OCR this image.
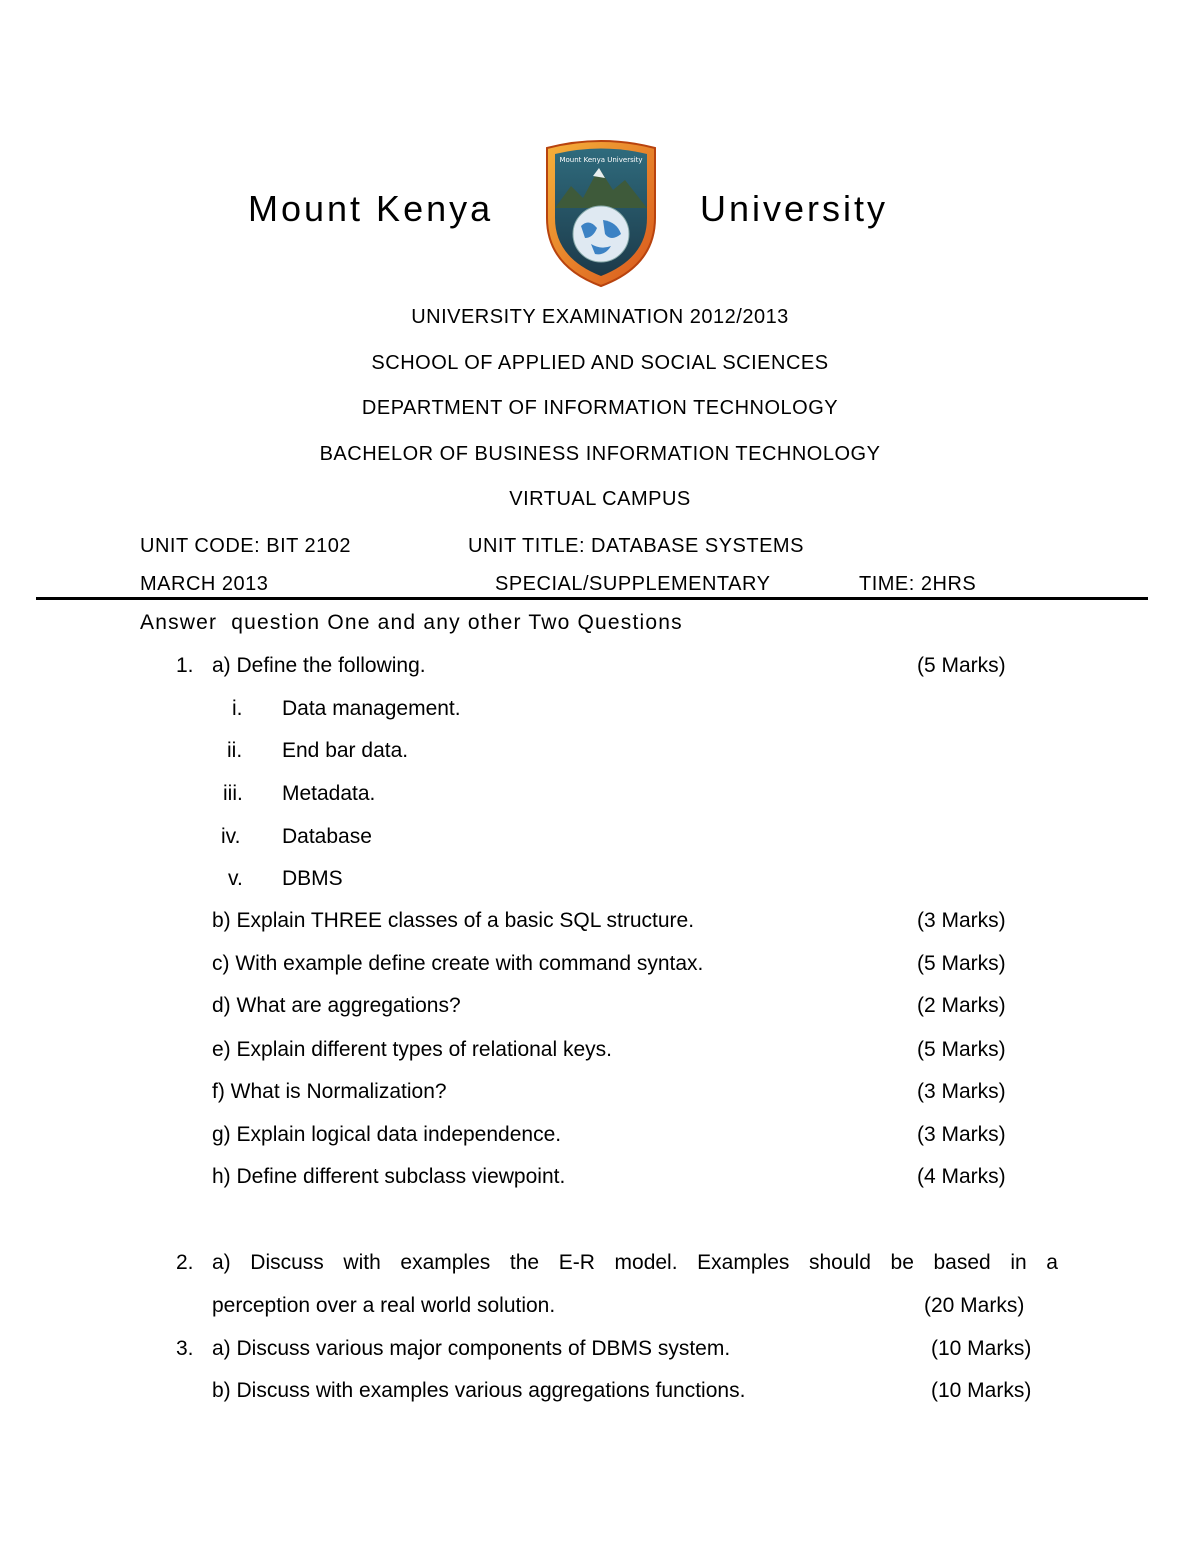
Mount Kenya
Mount Kenya University
University
UNIVERSITY EXAMINATION 2012/2013
SCHOOL OF APPLIED AND SOCIAL SCIENCES
DEPARTMENT OF INFORMATION TECHNOLOGY
BACHELOR OF BUSINESS INFORMATION TECHNOLOGY
VIRTUAL CAMPUS
UNIT CODE: BIT 2102	UNIT TITLE: DATABASE SYSTEMS
MARCH 2013	SPECIAL/SUPPLEMENTARY	TIME: 2HRS
Answer  question One and any other Two Questions
1. a) Define the following.	(5 Marks)
i. Data management.
ii. End bar data.
iii. Metadata.
iv. Database
v. DBMS
b) Explain THREE classes of a basic SQL structure.	(3 Marks)
c) With example define create with command syntax.	(5 Marks)
d) What are aggregations?	(2 Marks)
e) Explain different types of relational keys.	(5 Marks)
f) What is Normalization?	(3 Marks)
g) Explain logical data independence.	(3 Marks)
h) Define different subclass viewpoint.	(4 Marks)
2. a) Discuss with examples the E-R model. Examples should be based in a
perception over a real world solution.	(20 Marks)
3. a) Discuss various major components of DBMS system.	(10 Marks)
b) Discuss with examples various aggregations functions.	(10 Marks)
